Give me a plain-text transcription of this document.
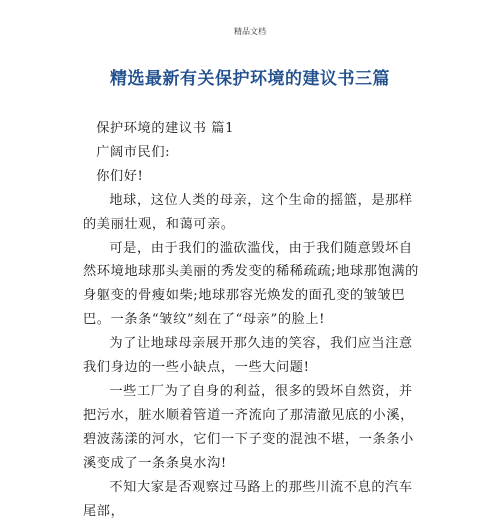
精品文档
精选最新有关保护环境的建议书三篇

保护环境的建议书 篇1

广阔市民们:

你们好!

地球，这位人类的母亲，这个生命的摇篮，是那样的美丽壮观，和蔼可亲。

可是，由于我们的滥砍滥伐，由于我们随意毁坏自然环境地球那头美丽的秀发变的稀稀疏疏;地球那饱满的身躯变的骨瘦如柴;地球那容光焕发的面孔变的皱皱巴巴。一条条“皱纹”刻在了“母亲”的脸上!

为了让地球母亲展开那久违的笑容，我们应当注意我们身边的一些小缺点，一些大问题!

一些工厂为了自身的利益，很多的毁坏自然资，并把污水，脏水顺着管道一齐流向了那清澈见底的小溪，碧波荡漾的河水，它们一下子变的混浊不堪，一条条小溪变成了一条条臭水沟!

不知大家是否观察过马路上的那些川流不息的汽车尾部，
